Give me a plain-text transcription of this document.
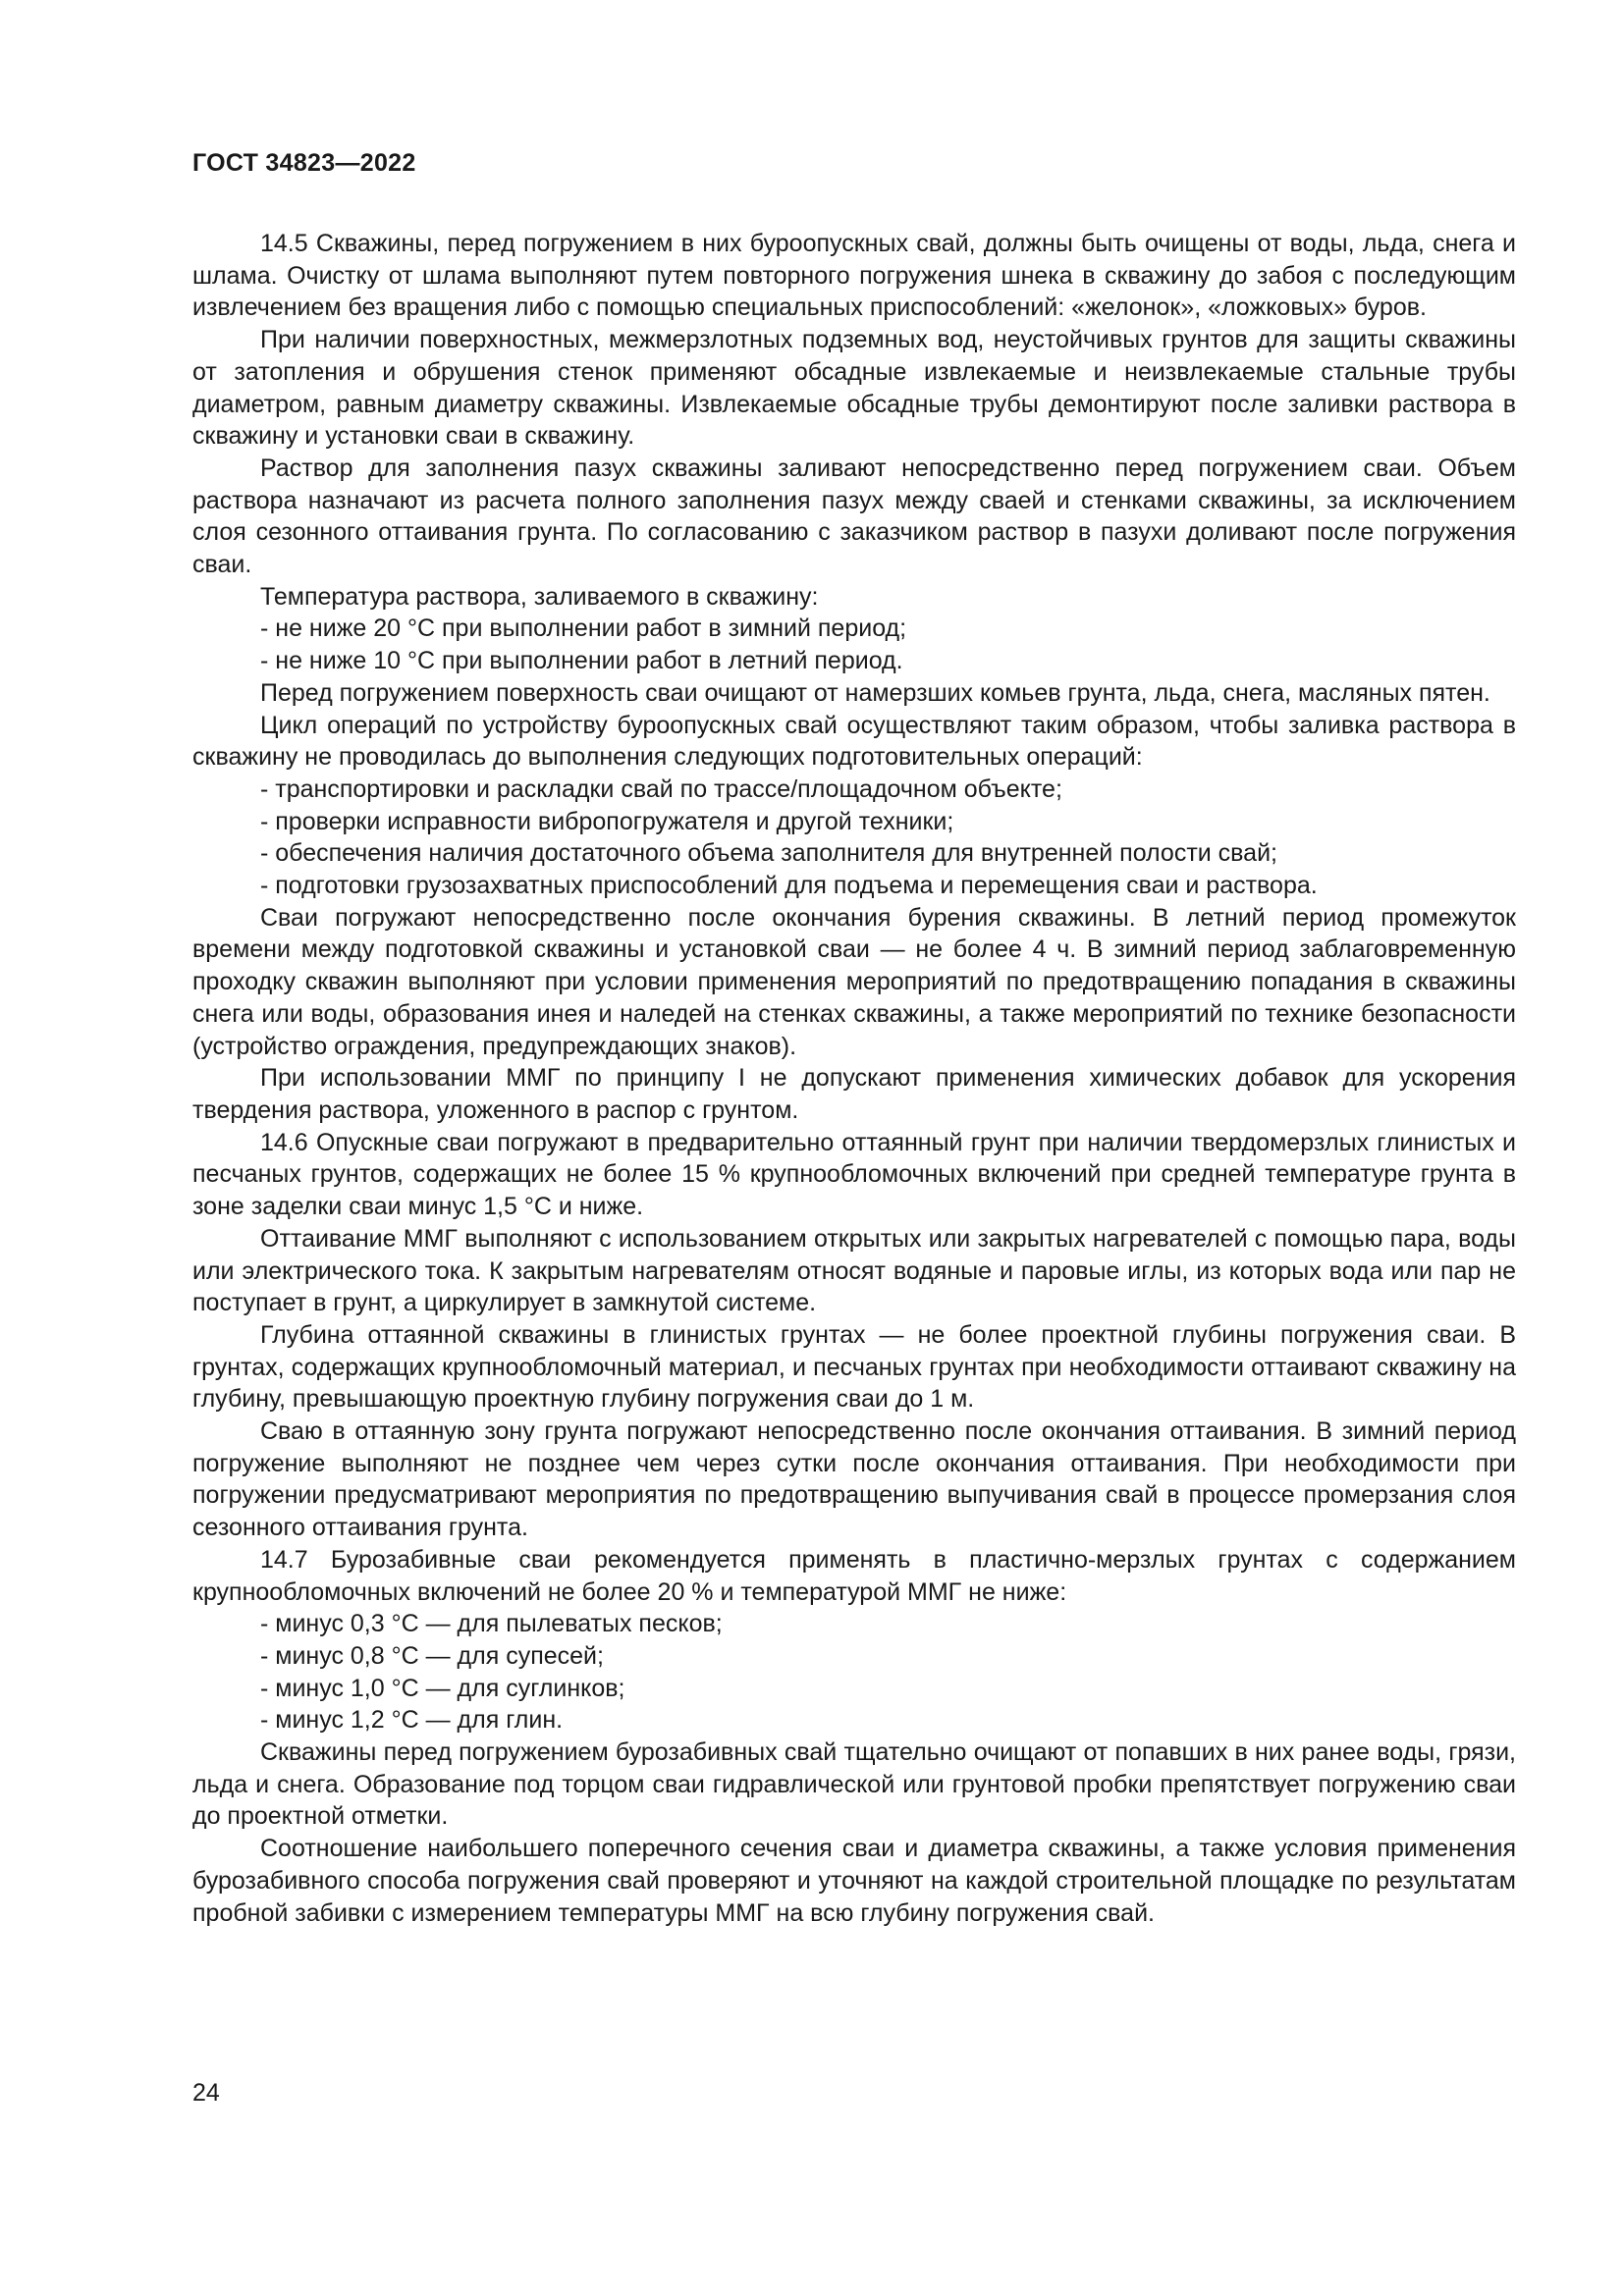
ГОСТ 34823—2022

14.5 Скважины, перед погружением в них буроопускных свай, должны быть очищены от воды, льда, снега и шлама. Очистку от шлама выполняют путем повторного погружения шнека в скважину до забоя с последующим извлечением без вращения либо с помощью специальных приспособлений: «желонок», «ложковых» буров.

При наличии поверхностных, межмерзлотных подземных вод, неустойчивых грунтов для защиты скважины от затопления и обрушения стенок применяют обсадные извлекаемые и неизвлекаемые стальные трубы диаметром, равным диаметру скважины. Извлекаемые обсадные трубы демонтируют после заливки раствора в скважину и установки сваи в скважину.

Раствор для заполнения пазух скважины заливают непосредственно перед погружением сваи. Объем раствора назначают из расчета полного заполнения пазух между сваей и стенками скважины, за исключением слоя сезонного оттаивания грунта. По согласованию с заказчиком раствор в пазухи доливают после погружения сваи.

Температура раствора, заливаемого в скважину:

- не ниже 20 °C при выполнении работ в зимний период;

- не ниже 10 °C при выполнении работ в летний период.

Перед погружением поверхность сваи очищают от намерзших комьев грунта, льда, снега, масляных пятен.

Цикл операций по устройству буроопускных свай осуществляют таким образом, чтобы заливка раствора в скважину не проводилась до выполнения следующих подготовительных операций:

- транспортировки и раскладки свай по трассе/площадочном объекте;

- проверки исправности вибропогружателя и другой техники;

- обеспечения наличия достаточного объема заполнителя для внутренней полости свай;

- подготовки грузозахватных приспособлений для подъема и перемещения сваи и раствора.

Сваи погружают непосредственно после окончания бурения скважины. В летний период промежуток времени между подготовкой скважины и установкой сваи — не более 4 ч. В зимний период заблаговременную проходку скважин выполняют при условии применения мероприятий по предотвращению попадания в скважины снега или воды, образования инея и наледей на стенках скважины, а также мероприятий по технике безопасности (устройство ограждения, предупреждающих знаков).

При использовании ММГ по принципу I не допускают применения химических добавок для ускорения твердения раствора, уложенного в распор с грунтом.

14.6 Опускные сваи погружают в предварительно оттаянный грунт при наличии твердомерзлых глинистых и песчаных грунтов, содержащих не более 15 % крупнообломочных включений при средней температуре грунта в зоне заделки сваи минус 1,5 °C и ниже.

Оттаивание ММГ выполняют с использованием открытых или закрытых нагревателей с помощью пара, воды или электрического тока. К закрытым нагревателям относят водяные и паровые иглы, из которых вода или пар не поступает в грунт, а циркулирует в замкнутой системе.

Глубина оттаянной скважины в глинистых грунтах — не более проектной глубины погружения сваи. В грунтах, содержащих крупнообломочный материал, и песчаных грунтах при необходимости оттаивают скважину на глубину, превышающую проектную глубину погружения сваи до 1 м.

Сваю в оттаянную зону грунта погружают непосредственно после окончания оттаивания. В зимний период погружение выполняют не позднее чем через сутки после окончания оттаивания. При необходимости при погружении предусматривают мероприятия по предотвращению выпучивания свай в процессе промерзания слоя сезонного оттаивания грунта.

14.7 Бурозабивные сваи рекомендуется применять в пластично-мерзлых грунтах с содержанием крупнообломочных включений не более 20 % и температурой ММГ не ниже:

- минус 0,3 °C — для пылеватых песков;

- минус 0,8 °C — для супесей;

- минус 1,0 °C — для суглинков;

- минус 1,2 °C — для глин.

Скважины перед погружением бурозабивных свай тщательно очищают от попавших в них ранее воды, грязи, льда и снега. Образование под торцом сваи гидравлической или грунтовой пробки препятствует погружению сваи до проектной отметки.

Соотношение наибольшего поперечного сечения сваи и диаметра скважины, а также условия применения бурозабивного способа погружения свай проверяют и уточняют на каждой строительной площадке по результатам пробной забивки с измерением температуры ММГ на всю глубину погружения свай.

24
